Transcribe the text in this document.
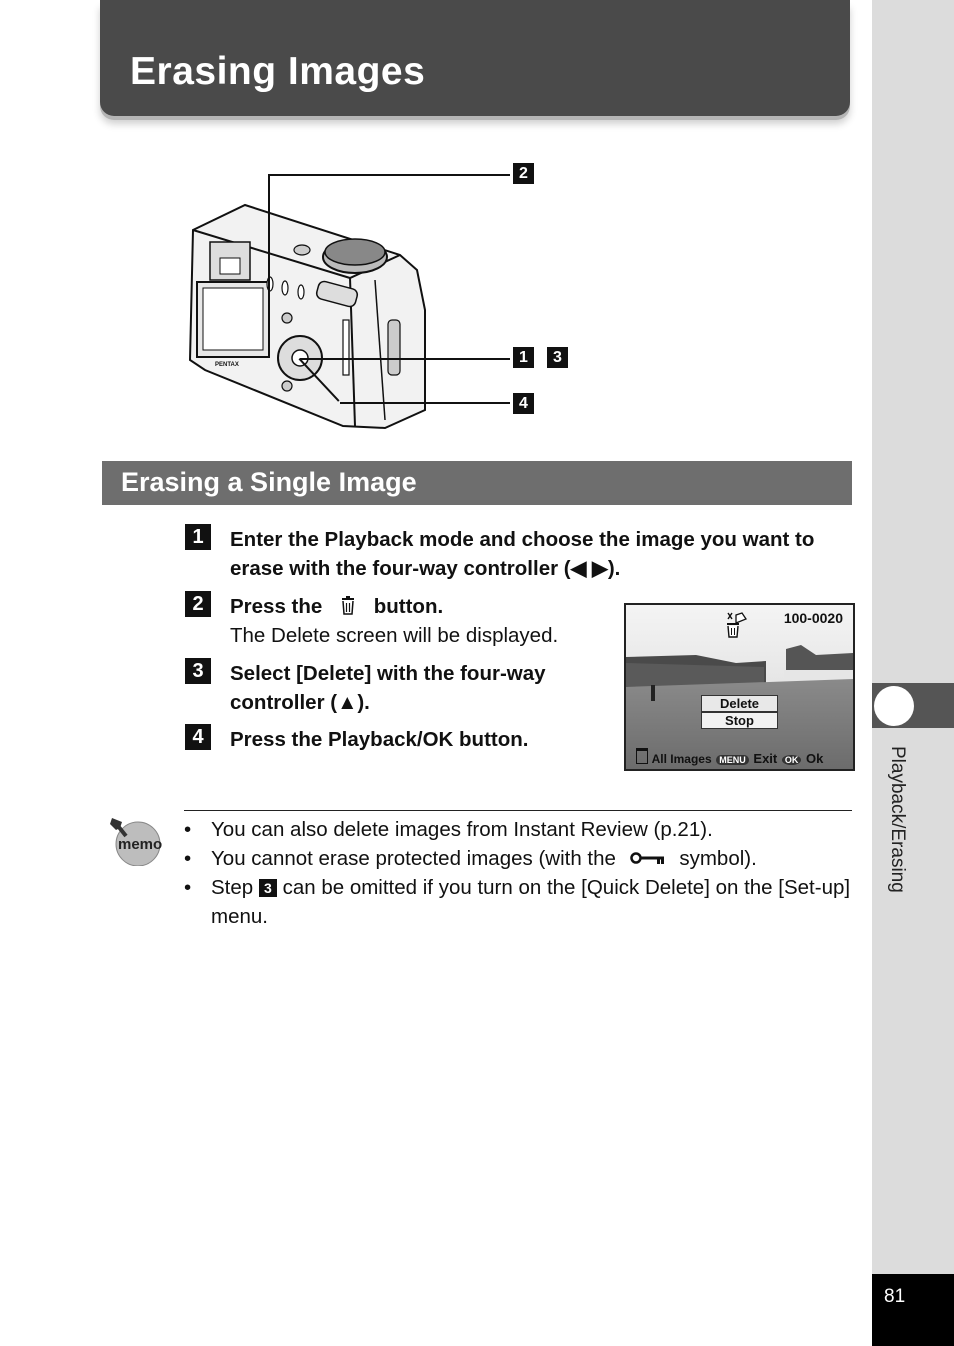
Playback/Erasing
81
Erasing Images
PENTAX
2
1	3
4
Erasing a Single Image
1	Enter the Playback mode and choose the image you want to erase with the four-way controller (◀ ▶).
2	Press the	button.
The Delete screen will be displayed.
3	Select [Delete] with the four-way controller (▲).
4	Press the Playback/OK button.
100-0020
Delete
Stop
All Images MENU Exit OK Ok
memo
• You can also delete images from Instant Review (p.21).
• You cannot erase protected images (with the	symbol).
• Step 3 can be omitted if you turn on the [Quick Delete] on the [Set-up] menu.
